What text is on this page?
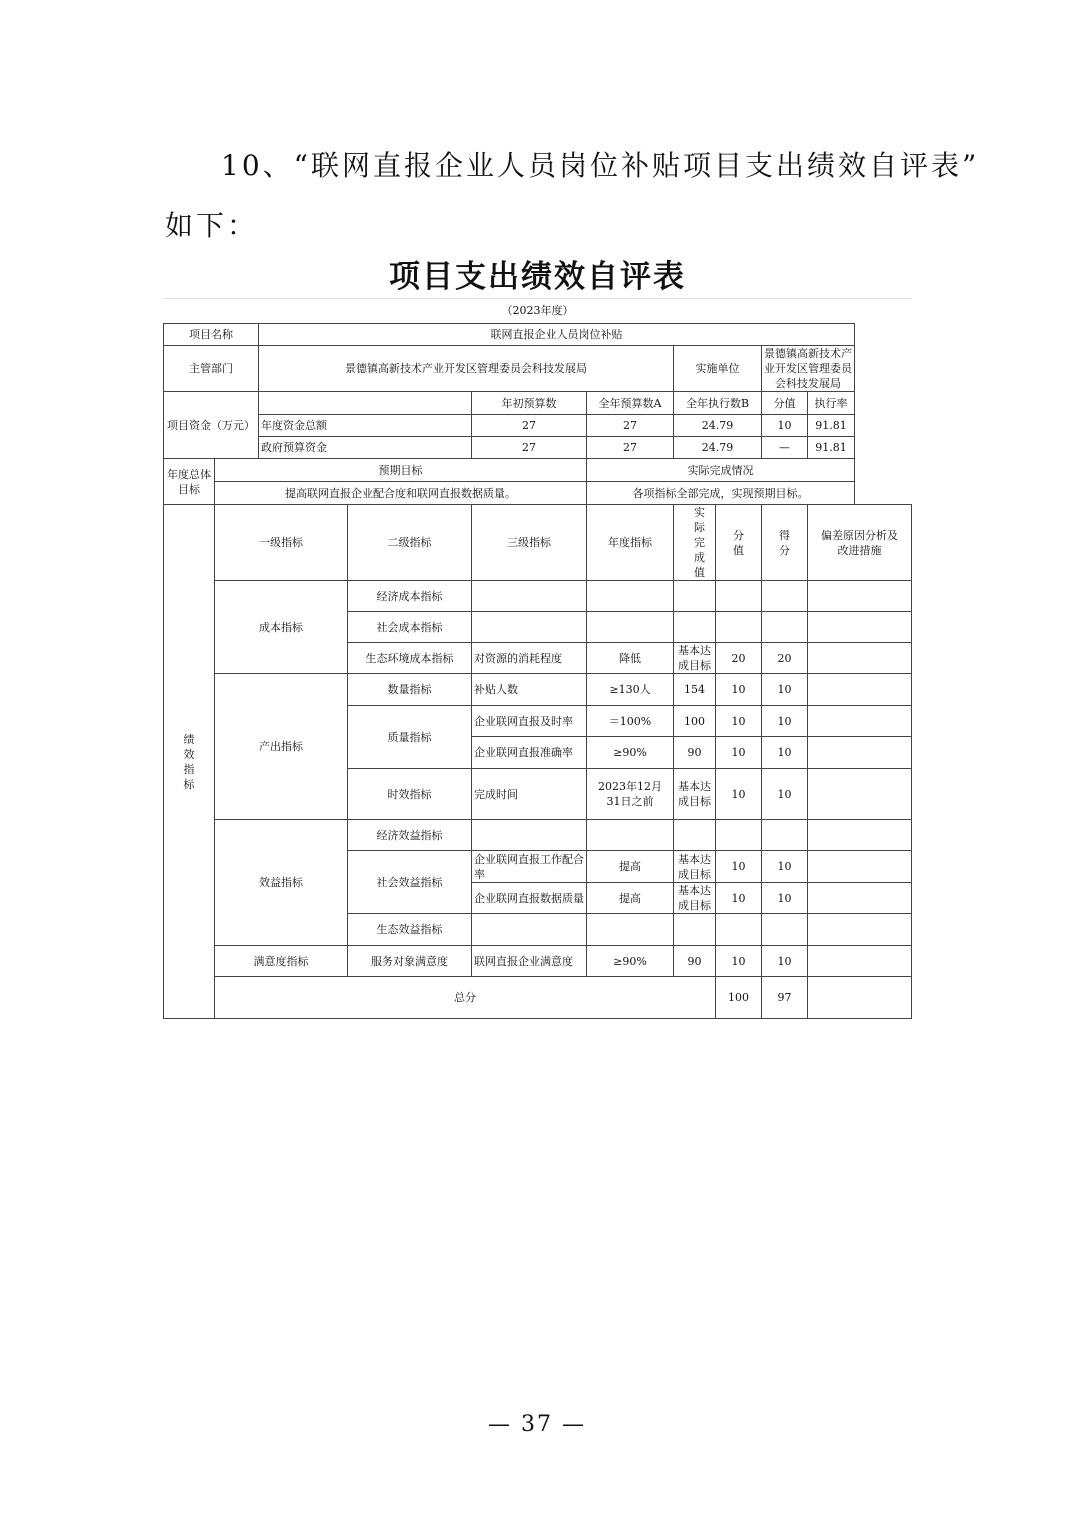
10、“联网直报企业人员岗位补贴项目支出绩效自评表”
如下：
项目支出绩效自评表
（2023年度）
项目名称		联网直报企业人员岗位补贴							
主管部门		景德镇高新技术产业开发区管理委员会科技发展局				实施单位		景德镇高新技术产业开发区管理委员会科技发展局	
项目资金（万元）				年初预算数	全年预算数A	全年执行数B		分值	执行率
		年度资金总额		27	27	24.79		10	91.81
		政府预算资金		27	27	24.79		—	91.81
年度总体目标	预期目标				实际完成情况				
	提高联网直报企业配合度和联网直报数据质量。				各项指标全部完成，实现预期目标。				
绩效指标	一级指标		二级指标	三级指标	年度指标	实际完成值	分值	得分	偏差原因分析及改进措施
	成本指标		经济成本指标						
			社会成本指标						
			生态环境成本指标	对资源的消耗程度	降低	基本达成目标	20	20	
	产出指标		数量指标	补贴人数	≥130人	154	10	10	
			质量指标	企业联网直报及时率	＝100%	100	10	10	
				企业联网直报准确率	≥90%	90	10	10	
			时效指标	完成时间	2023年12月31日之前	基本达成目标	10	10	
	效益指标		经济效益指标						
			社会效益指标	企业联网直报工作配合率	提高	基本达成目标	10	10	
				企业联网直报数据质量	提高	基本达成目标	10	10	
			生态效益指标						
	满意度指标		服务对象满意度	联网直报企业满意度	≥90%	90	10	10	
	总分						100	97	
— 37 —
